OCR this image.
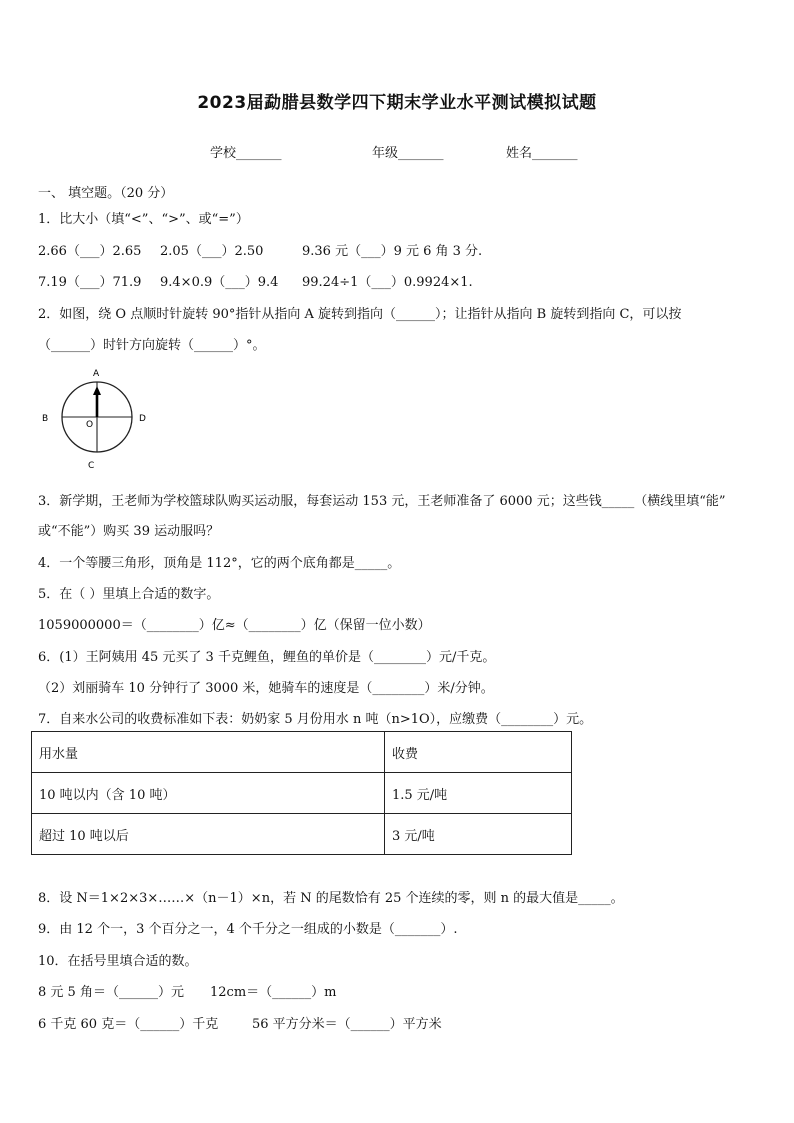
2023届勐腊县数学四下期末学业水平测试模拟试题
学校_______	年级_______	姓名_______
一、 填空题。（20 分）
1．比大小（填“<”、“>”、或“=”）
2.66（___）2.65 2.05（___）2.50	9.36 元（___）9 元 6 角 3 分.
7.19（___）71.9 9.4×0.9（___）9.4 99.24÷1（___）0.9924×1.
2．如图，绕 O 点顺时针旋转 90°指针从指向 A 旋转到指向（______）；让指针从指向 B 旋转到指向 C，可以按
（______）时针方向旋转（______）°。
A
B	D
C
O
3．新学期，王老师为学校篮球队购买运动服，每套运动 153 元，王老师准备了 6000 元；这些钱_____（横线里填“能”
或“不能”）购买 39 运动服吗？
4．一个等腰三角形，顶角是 112°，它的两个底角都是_____。
5．在（ ）里填上合适的数字。
1059000000＝（________）亿≈（________）亿（保留一位小数）
6．(1）王阿姨用 45 元买了 3 千克鲤鱼，鲤鱼的单价是（________）元/千克。
（2）刘丽骑车 10 分钟行了 3000 米，她骑车的速度是（________）米/分钟。
7．自来水公司的收费标准如下表：奶奶家 5 月份用水 n 吨（n>1O），应缴费（________）元。
用水量	收费
10 吨以内（含 10 吨）	1.5 元/吨
超过 10 吨以后	3 元/吨
8．设 N＝1×2×3×……×（n－1）×n，若 N 的尾数恰有 25 个连续的零，则 n 的最大值是_____。
9．由 12 个一，3 个百分之一，4 个千分之一组成的小数是（_______）.
10．在括号里填合适的数。
8 元 5 角＝（______）元 12cm＝（______）m
6 千克 60 克＝（______）千克	56 平方分米＝（______）平方米
